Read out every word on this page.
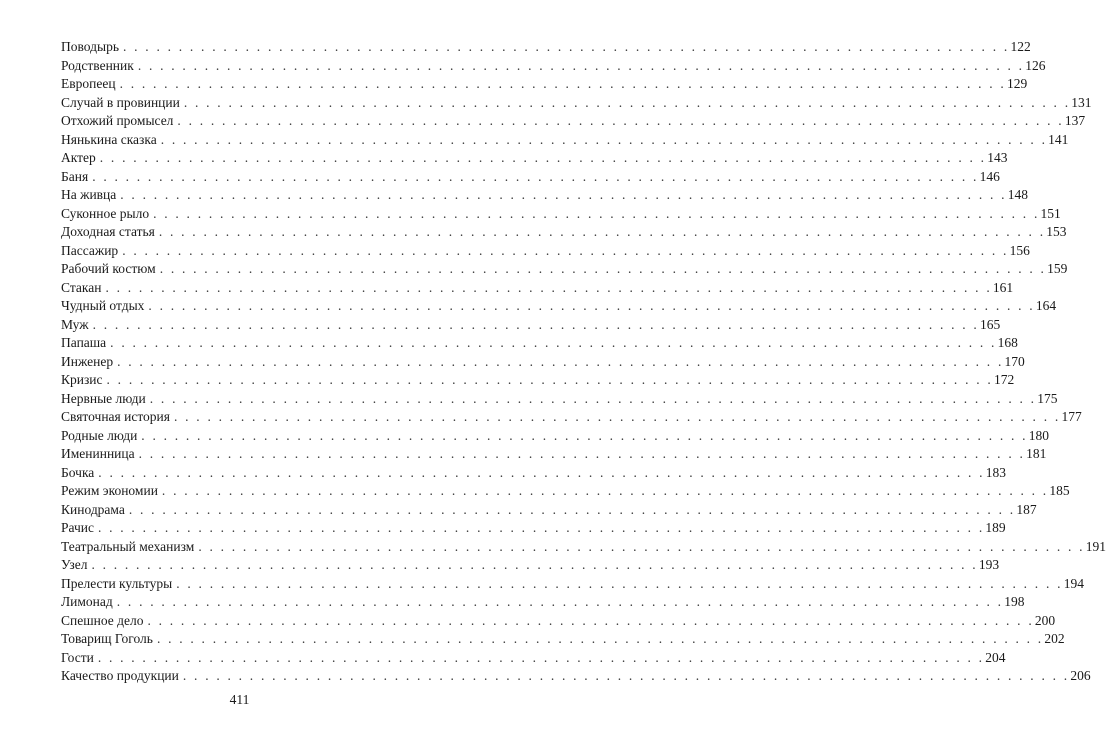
Поводырь . . . . . . . . . . . . . . . . . . . . . . . . . . . . . . . . . . . . . . . . . . . . . . . . . . . . . . . . . . . . . . . . . . . . . . . . . . . . . . . . 122
Родственник . . . . . . . . . . . . . . . . . . . . . . . . . . . . . . . . . . . . . . . . . . . . . . . . . . . . . . . . . . . . . . . . . . . . . . . . . . . . . . . . 126
Европеец . . . . . . . . . . . . . . . . . . . . . . . . . . . . . . . . . . . . . . . . . . . . . . . . . . . . . . . . . . . . . . . . . . . . . . . . . . . . . . . . 129
Случай в провинции . . . . . . . . . . . . . . . . . . . . . . . . . . . . . . . . . . . . . . . . . . . . . . . . . . . . . . . . . . . . . . . . . . . . . . . . . . . . . . . . 131
Отхожий промысел . . . . . . . . . . . . . . . . . . . . . . . . . . . . . . . . . . . . . . . . . . . . . . . . . . . . . . . . . . . . . . . . . . . . . . . . . . . . . . . . 137
Нянькина сказка . . . . . . . . . . . . . . . . . . . . . . . . . . . . . . . . . . . . . . . . . . . . . . . . . . . . . . . . . . . . . . . . . . . . . . . . . . . . . . . . 141
Актер . . . . . . . . . . . . . . . . . . . . . . . . . . . . . . . . . . . . . . . . . . . . . . . . . . . . . . . . . . . . . . . . . . . . . . . . . . . . . . . . 143
Баня . . . . . . . . . . . . . . . . . . . . . . . . . . . . . . . . . . . . . . . . . . . . . . . . . . . . . . . . . . . . . . . . . . . . . . . . . . . . . . . . 146
На живца . . . . . . . . . . . . . . . . . . . . . . . . . . . . . . . . . . . . . . . . . . . . . . . . . . . . . . . . . . . . . . . . . . . . . . . . . . . . . . . . 148
Суконное рыло . . . . . . . . . . . . . . . . . . . . . . . . . . . . . . . . . . . . . . . . . . . . . . . . . . . . . . . . . . . . . . . . . . . . . . . . . . . . . . . . 151
Доходная статья . . . . . . . . . . . . . . . . . . . . . . . . . . . . . . . . . . . . . . . . . . . . . . . . . . . . . . . . . . . . . . . . . . . . . . . . . . . . . . . . 153
Пассажир . . . . . . . . . . . . . . . . . . . . . . . . . . . . . . . . . . . . . . . . . . . . . . . . . . . . . . . . . . . . . . . . . . . . . . . . . . . . . . . . 156
Рабочий костюм . . . . . . . . . . . . . . . . . . . . . . . . . . . . . . . . . . . . . . . . . . . . . . . . . . . . . . . . . . . . . . . . . . . . . . . . . . . . . . . . 159
Стакан . . . . . . . . . . . . . . . . . . . . . . . . . . . . . . . . . . . . . . . . . . . . . . . . . . . . . . . . . . . . . . . . . . . . . . . . . . . . . . . . 161
Чудный отдых . . . . . . . . . . . . . . . . . . . . . . . . . . . . . . . . . . . . . . . . . . . . . . . . . . . . . . . . . . . . . . . . . . . . . . . . . . . . . . . . 164
Муж . . . . . . . . . . . . . . . . . . . . . . . . . . . . . . . . . . . . . . . . . . . . . . . . . . . . . . . . . . . . . . . . . . . . . . . . . . . . . . . . 165
Папаша . . . . . . . . . . . . . . . . . . . . . . . . . . . . . . . . . . . . . . . . . . . . . . . . . . . . . . . . . . . . . . . . . . . . . . . . . . . . . . . . 168
Инженер . . . . . . . . . . . . . . . . . . . . . . . . . . . . . . . . . . . . . . . . . . . . . . . . . . . . . . . . . . . . . . . . . . . . . . . . . . . . . . . . 170
Кризис . . . . . . . . . . . . . . . . . . . . . . . . . . . . . . . . . . . . . . . . . . . . . . . . . . . . . . . . . . . . . . . . . . . . . . . . . . . . . . . . 172
Нервные люди . . . . . . . . . . . . . . . . . . . . . . . . . . . . . . . . . . . . . . . . . . . . . . . . . . . . . . . . . . . . . . . . . . . . . . . . . . . . . . . . 175
Святочная история . . . . . . . . . . . . . . . . . . . . . . . . . . . . . . . . . . . . . . . . . . . . . . . . . . . . . . . . . . . . . . . . . . . . . . . . . . . . . . . . 177
Родные люди . . . . . . . . . . . . . . . . . . . . . . . . . . . . . . . . . . . . . . . . . . . . . . . . . . . . . . . . . . . . . . . . . . . . . . . . . . . . . . . . 180
Именинница . . . . . . . . . . . . . . . . . . . . . . . . . . . . . . . . . . . . . . . . . . . . . . . . . . . . . . . . . . . . . . . . . . . . . . . . . . . . . . . . 181
Бочка . . . . . . . . . . . . . . . . . . . . . . . . . . . . . . . . . . . . . . . . . . . . . . . . . . . . . . . . . . . . . . . . . . . . . . . . . . . . . . . . 183
Режим экономии . . . . . . . . . . . . . . . . . . . . . . . . . . . . . . . . . . . . . . . . . . . . . . . . . . . . . . . . . . . . . . . . . . . . . . . . . . . . . . . . 185
Кинодрама . . . . . . . . . . . . . . . . . . . . . . . . . . . . . . . . . . . . . . . . . . . . . . . . . . . . . . . . . . . . . . . . . . . . . . . . . . . . . . . . 187
Рачис . . . . . . . . . . . . . . . . . . . . . . . . . . . . . . . . . . . . . . . . . . . . . . . . . . . . . . . . . . . . . . . . . . . . . . . . . . . . . . . . 189
Театральный механизм . . . . . . . . . . . . . . . . . . . . . . . . . . . . . . . . . . . . . . . . . . . . . . . . . . . . . . . . . . . . . . . . . . . . . . . . . . . . . . . . 191
Узел . . . . . . . . . . . . . . . . . . . . . . . . . . . . . . . . . . . . . . . . . . . . . . . . . . . . . . . . . . . . . . . . . . . . . . . . . . . . . . . . 193
Прелести культуры . . . . . . . . . . . . . . . . . . . . . . . . . . . . . . . . . . . . . . . . . . . . . . . . . . . . . . . . . . . . . . . . . . . . . . . . . . . . . . . . 194
Лимонад . . . . . . . . . . . . . . . . . . . . . . . . . . . . . . . . . . . . . . . . . . . . . . . . . . . . . . . . . . . . . . . . . . . . . . . . . . . . . . . . 198
Спешное дело . . . . . . . . . . . . . . . . . . . . . . . . . . . . . . . . . . . . . . . . . . . . . . . . . . . . . . . . . . . . . . . . . . . . . . . . . . . . . . . . 200
Товарищ Гоголь . . . . . . . . . . . . . . . . . . . . . . . . . . . . . . . . . . . . . . . . . . . . . . . . . . . . . . . . . . . . . . . . . . . . . . . . . . . . . . . . 202
Гости . . . . . . . . . . . . . . . . . . . . . . . . . . . . . . . . . . . . . . . . . . . . . . . . . . . . . . . . . . . . . . . . . . . . . . . . . . . . . . . . 204
Качество продукции . . . . . . . . . . . . . . . . . . . . . . . . . . . . . . . . . . . . . . . . . . . . . . . . . . . . . . . . . . . . . . . . . . . . . . . . . . . . . . . . 206
411
